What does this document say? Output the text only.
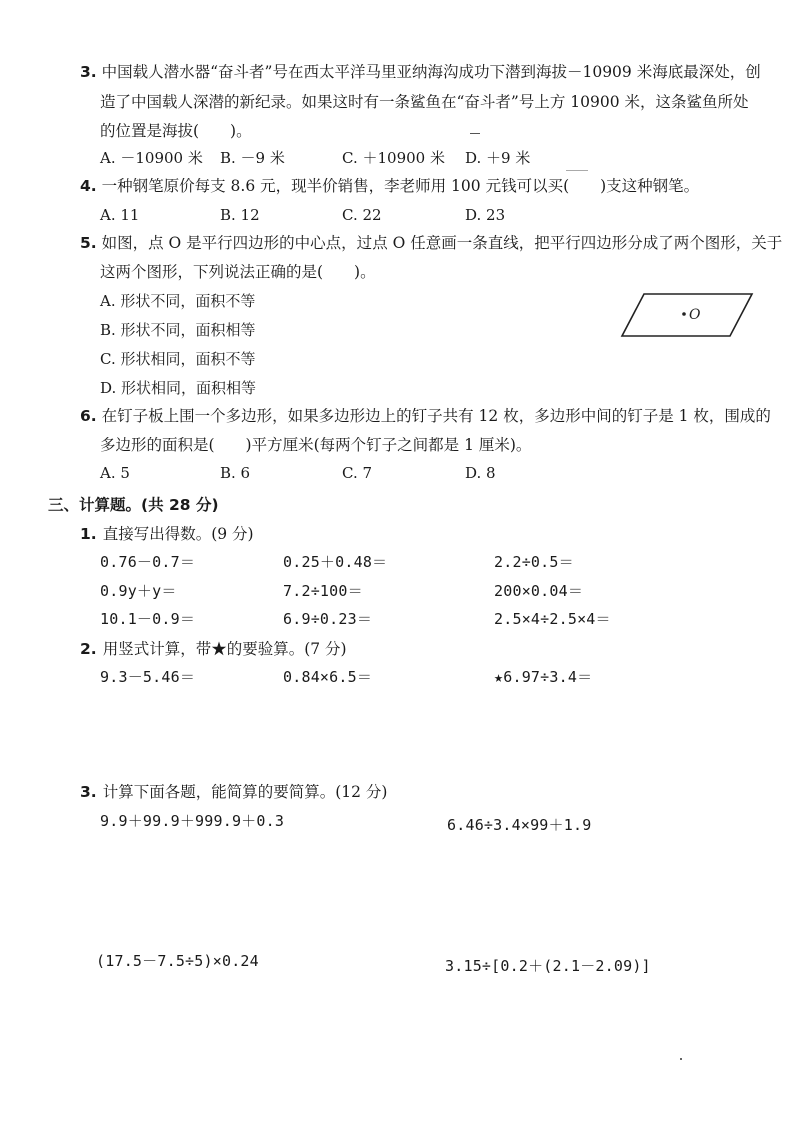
3. 中国载人潜水器“奋斗者”号在西太平洋马里亚纳海沟成功下潜到海拔－10909 米海底最深处，创
造了中国载人深潜的新纪录。如果这时有一条鲨鱼在“奋斗者”号上方 10900 米，这条鲨鱼所处
的位置是海拔(　　)。
A. －10900 米 B. －9 米	C. ＋10900 米 D. ＋9 米
4. 一种钢笔原价每支 8.6 元，现半价销售，李老师用 100 元钱可以买(　　)支这种钢笔。
A. 11	B. 12	C. 22	D. 23
5. 如图，点 O 是平行四边形的中心点，过点 O 任意画一条直线，把平行四边形分成了两个图形，关于
这两个图形，下列说法正确的是(　　)。
A. 形状不同，面积不等
B. 形状不同，面积相等
C. 形状相同，面积不等
D. 形状相同，面积相等
O
6. 在钉子板上围一个多边形，如果多边形边上的钉子共有 12 枚，多边形中间的钉子是 1 枚，围成的
多边形的面积是(　　)平方厘米(每两个钉子之间都是 1 厘米)。
A. 5	B. 6	C. 7	D. 8
三、计算题。(共 28 分)
1. 直接写出得数。(9 分)
0.76－0.7＝	0.25＋0.48＝	2.2÷0.5＝
0.9y＋y＝	7.2÷100＝	200×0.04＝
10.1－0.9＝	6.9÷0.23＝	2.5×4÷2.5×4＝
2. 用竖式计算，带★的要验算。(7 分)
9.3－5.46＝	0.84×6.5＝	★6.97÷3.4＝
3. 计算下面各题，能简算的要简算。(12 分)
9.9＋99.9＋999.9＋0.3	6.46÷3.4×99＋1.9
(17.5－7.5÷5)×0.24	3.15÷[0.2＋(2.1－2.09)]
